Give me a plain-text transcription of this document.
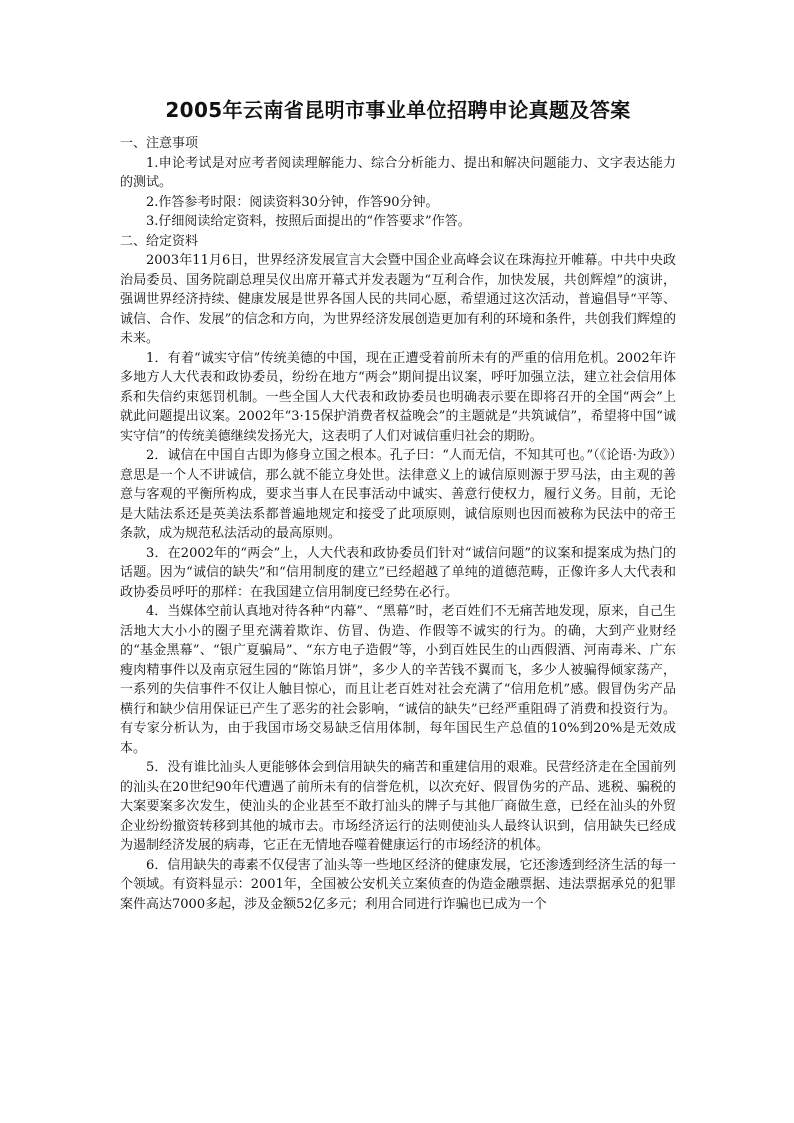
2005年云南省昆明市事业单位招聘申论真题及答案

一、注意事项

1.申论考试是对应考者阅读理解能力、综合分析能力、提出和解决问题能力、文字表达能力的测试。

2.作答参考时限：阅读资料30分钟，作答90分钟。

3.仔细阅读给定资料，按照后面提出的“作答要求”作答。

二、给定资料

2003年11月6日，世界经济发展宣言大会暨中国企业高峰会议在珠海拉开帷幕。中共中央政治局委员、国务院副总理吴仪出席开幕式并发表题为“互利合作，加快发展，共创辉煌”的演讲，强调世界经济持续、健康发展是世界各国人民的共同心愿，希望通过这次活动，普遍倡导“平等、诚信、合作、发展”的信念和方向，为世界经济发展创造更加有利的环境和条件，共创我们辉煌的未来。

1．有着“诚实守信”传统美德的中国，现在正遭受着前所未有的严重的信用危机。2002年许多地方人大代表和政协委员，纷纷在地方“两会”期间提出议案，呼吁加强立法，建立社会信用体系和失信约束惩罚机制。一些全国人大代表和政协委员也明确表示要在即将召开的全国“两会”上就此问题提出议案。2002年“3·15保护消费者权益晚会”的主题就是“共筑诚信”，希望将中国“诚实守信”的传统美德继续发扬光大，这表明了人们对诚信重归社会的期盼。

2．诚信在中国自古即为修身立国之根本。孔子曰：“人而无信，不知其可也。”（《论语·为政》）意思是一个人不讲诚信，那么就不能立身处世。法律意义上的诚信原则源于罗马法，由主观的善意与客观的平衡所构成，要求当事人在民事活动中诚实、善意行使权力，履行义务。目前，无论是大陆法系还是英美法系都普遍地规定和接受了此项原则，诚信原则也因而被称为民法中的帝王条款，成为规范私法活动的最高原则。

3．在2002年的“两会”上，人大代表和政协委员们针对“诚信问题”的议案和提案成为热门的话题。因为“诚信的缺失”和“信用制度的建立”已经超越了单纯的道德范畴，正像许多人大代表和政协委员呼吁的那样：在我国建立信用制度已经势在必行。

4．当媒体空前认真地对待各种“内幕”、“黑幕”时，老百姓们不无痛苦地发现，原来，自己生活地大大小小的圈子里充满着欺诈、仿冒、伪造、作假等不诚实的行为。的确，大到产业财经的“基金黑幕”、“银广夏骗局”、“东方电子造假”等，小到百姓民生的山西假酒、河南毒米、广东瘦肉精事件以及南京冠生园的“陈馅月饼”，多少人的辛苦钱不翼而飞，多少人被骗得倾家荡产，一系列的失信事件不仅让人触目惊心，而且让老百姓对社会充满了“信用危机”感。假冒伪劣产品横行和缺少信用保证已产生了恶劣的社会影响，“诚信的缺失”已经严重阻碍了消费和投资行为。有专家分析认为，由于我国市场交易缺乏信用体制，每年国民生产总值的10%到20%是无效成本。

5．没有谁比汕头人更能够体会到信用缺失的痛苦和重建信用的艰难。民营经济走在全国前列的汕头在20世纪90年代遭遇了前所未有的信誉危机，以次充好、假冒伪劣的产品、逃税、骗税的大案要案多次发生，使汕头的企业甚至不敢打汕头的牌子与其他厂商做生意，已经在汕头的外贸企业纷纷撤资转移到其他的城市去。市场经济运行的法则使汕头人最终认识到，信用缺失已经成为遏制经济发展的病毒，它正在无情地吞噬着健康运行的市场经济的机体。

6．信用缺失的毒素不仅侵害了汕头等一些地区经济的健康发展，它还渗透到经济生活的每一个领域。有资料显示：2001年，全国被公安机关立案侦查的伪造金融票据、违法票据承兑的犯罪案件高达7000多起，涉及金额52亿多元；利用合同进行诈骗也已成为一个
